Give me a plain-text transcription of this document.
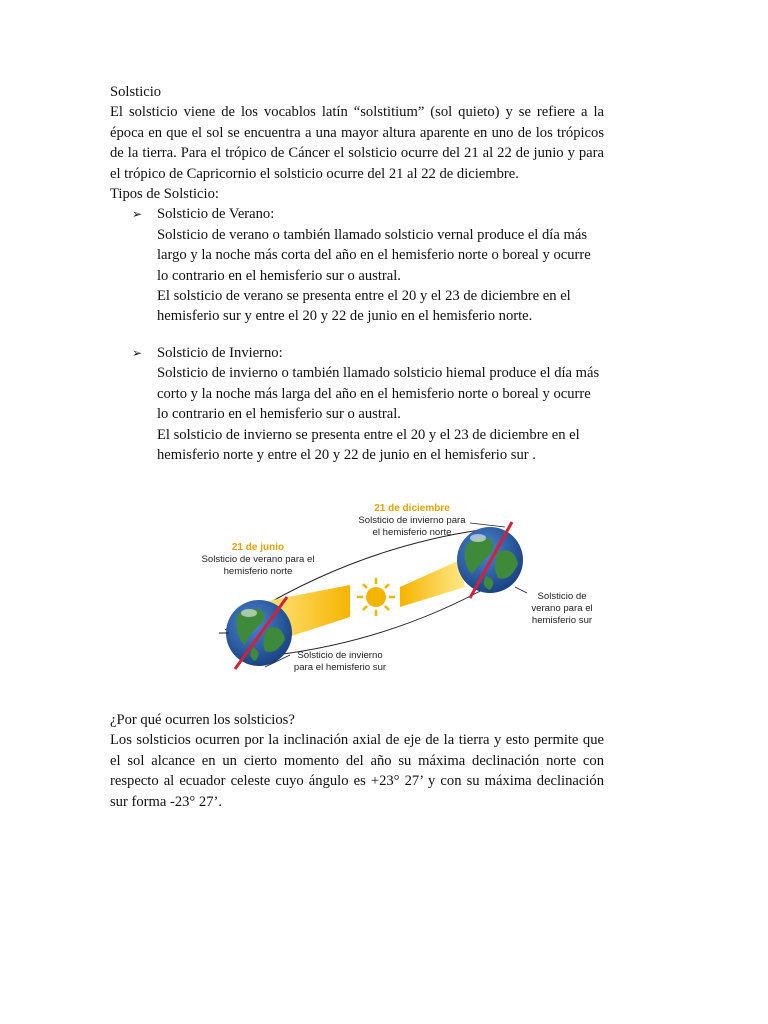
Solsticio

El solsticio viene de los vocablos latín “solstitium” (sol quieto) y se refiere a la época en que el sol se encuentra a una mayor altura aparente en uno de los trópicos de la tierra. Para el trópico de Cáncer el solsticio ocurre del 21 al 22 de junio y para el trópico de Capricornio el solsticio ocurre del 21 al 22 de diciembre.

Tipos de Solsticio:

➢	Solsticio de Verano:

Solsticio de verano o también llamado solsticio vernal produce el día más largo y la noche más corta del año en el hemisferio norte o boreal y ocurre lo contrario en el hemisferio sur o austral.

El solsticio de verano se presenta entre el 20 y el 23 de diciembre en el hemisferio sur y entre el 20 y 22 de junio en el hemisferio norte.

➢	Solsticio de Invierno:

Solsticio de invierno o también llamado solsticio hiemal produce el día más corto y la noche más larga del año en el hemisferio norte o boreal y ocurre lo contrario en el hemisferio sur o austral.

El solsticio de invierno se presenta entre el 20 y el 23 de diciembre en el hemisferio norte y entre el 20 y 22 de junio en el hemisferio sur .

21 de junio
Solsticio de verano para el
hemisferio norte
21 de diciembre
Solsticio de invierno para
el hemisferio norte
Solsticio de
verano para el
hemisferio sur
Solsticio de invierno
para el hemisferio sur

¿Por qué ocurren los solsticios?

Los solsticios ocurren por la inclinación axial de eje de la tierra y esto permite que el sol alcance en un cierto momento del año su máxima declinación norte con respecto al ecuador celeste cuyo ángulo es +23° 27’ y con su máxima declinación sur forma -23° 27’.
